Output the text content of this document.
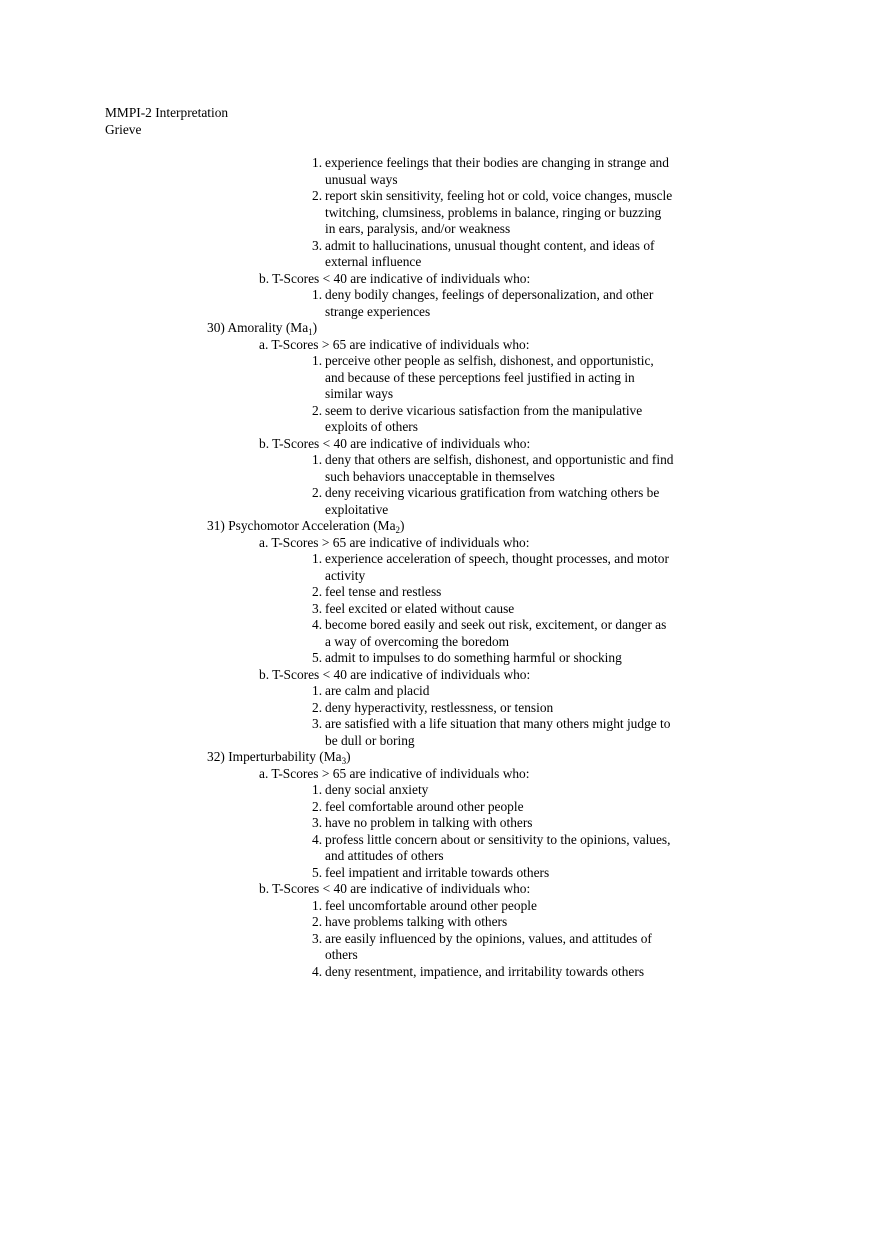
MMPI-2 Interpretation
Grieve
1. experience feelings that their bodies are changing in strange and
unusual ways
2. report skin sensitivity, feeling hot or cold, voice changes, muscle
twitching, clumsiness, problems in balance, ringing or buzzing
in ears, paralysis, and/or weakness
3. admit to hallucinations, unusual thought content, and ideas of
external influence
b. T-Scores < 40 are indicative of individuals who:
1. deny bodily changes, feelings of depersonalization, and other
strange experiences
30) Amorality $(Ma_1)$
a. T-Scores > 65 are indicative of individuals who:
1. perceive other people as selfish, dishonest, and opportunistic,
and because of these perceptions feel justified in acting in
similar ways
2. seem to derive vicarious satisfaction from the manipulative
exploits of others
b. T-Scores < 40 are indicative of individuals who:
1. deny that others are selfish, dishonest, and opportunistic and find
such behaviors unacceptable in themselves
2. deny receiving vicarious gratification from watching others be
exploitative
31) Psychomotor Acceleration $(Ma_2)$
a. T-Scores > 65 are indicative of individuals who:
1. experience acceleration of speech, thought processes, and motor
activity
2. feel tense and restless
3. feel excited or elated without cause
4. become bored easily and seek out risk, excitement, or danger as
a way of overcoming the boredom
5. admit to impulses to do something harmful or shocking
b. T-Scores < 40 are indicative of individuals who:
1. are calm and placid
2. deny hyperactivity, restlessness, or tension
3. are satisfied with a life situation that many others might judge to
be dull or boring
32) Imperturbability $(Ma_3)$
a. T-Scores > 65 are indicative of individuals who:
1. deny social anxiety
2. feel comfortable around other people
3. have no problem in talking with others
4. profess little concern about or sensitivity to the opinions, values,
and attitudes of others
5. feel impatient and irritable towards others
b. T-Scores < 40 are indicative of individuals who:
1. feel uncomfortable around other people
2. have problems talking with others
3. are easily influenced by the opinions, values, and attitudes of
others
4. deny resentment, impatience, and irritability towards others
